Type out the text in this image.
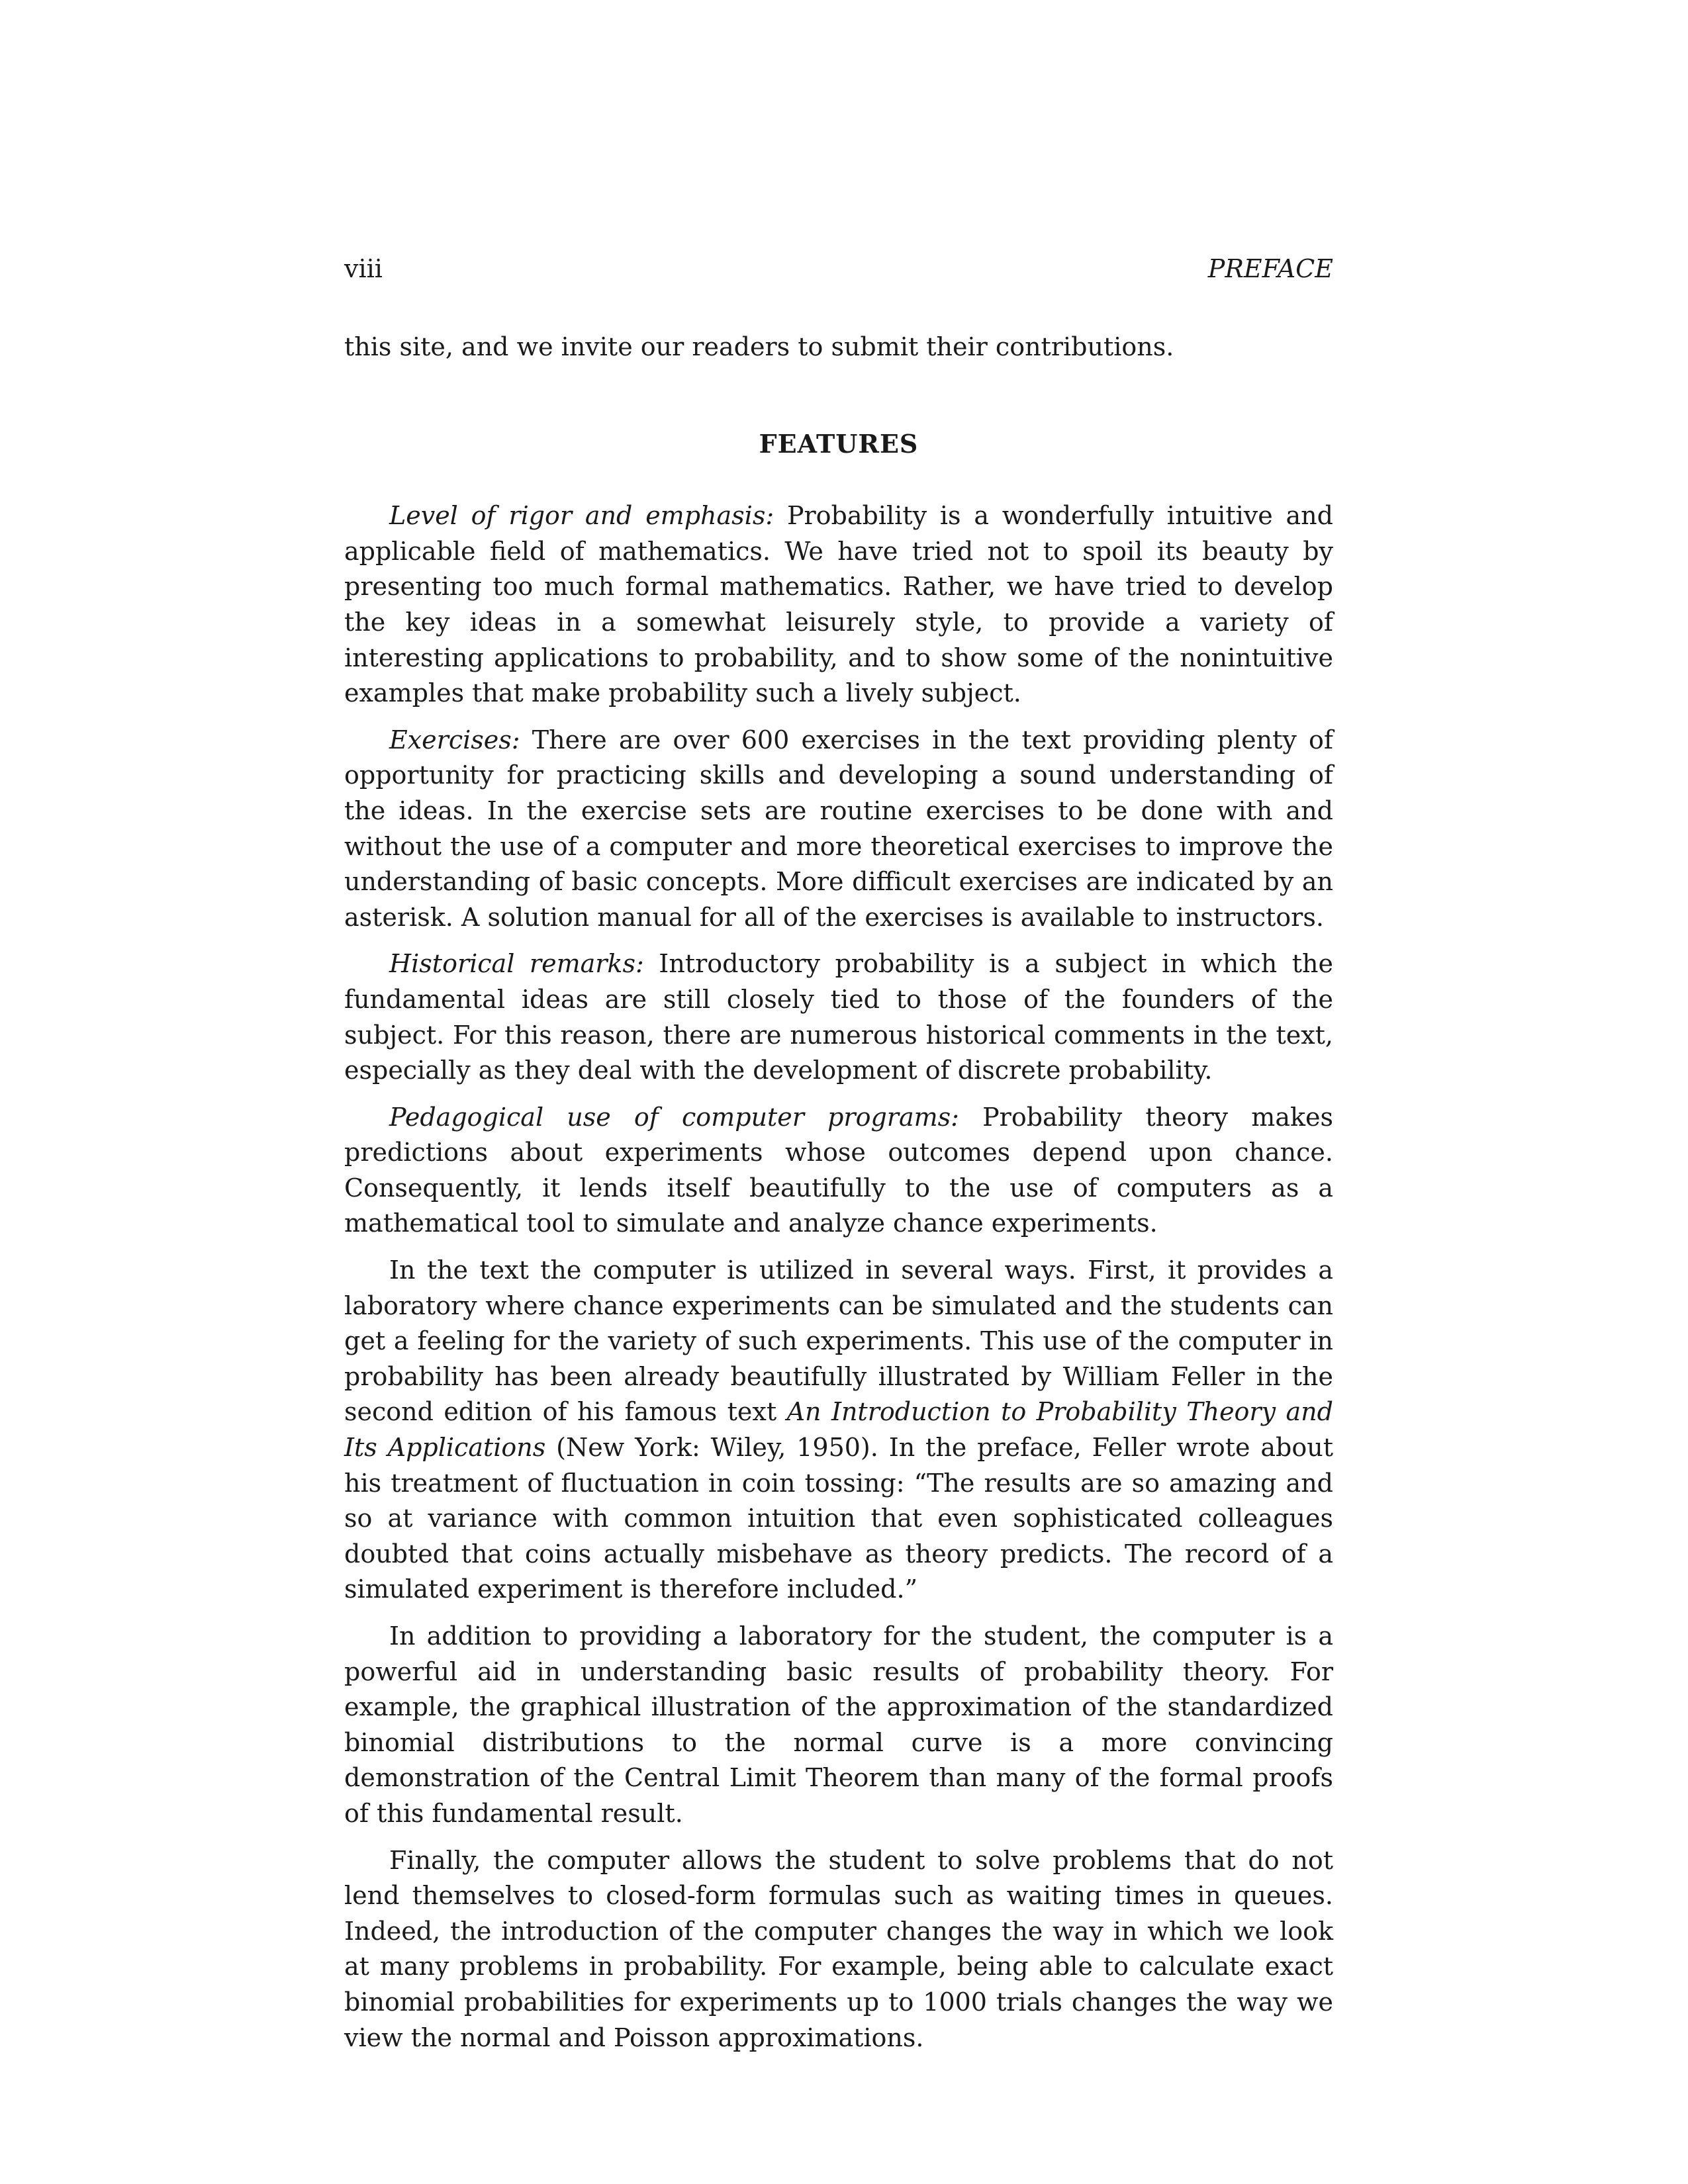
viii	PREFACE

this site, and we invite our readers to submit their contributions.

FEATURES

Level of rigor and emphasis: Probability is a wonderfully intuitive and applicable field of mathematics. We have tried not to spoil its beauty by presenting too much formal mathematics. Rather, we have tried to develop the key ideas in a somewhat leisurely style, to provide a variety of interesting applications to probability, and to show some of the nonintuitive examples that make probability such a lively subject.

Exercises: There are over 600 exercises in the text providing plenty of opportunity for practicing skills and developing a sound understanding of the ideas. In the exercise sets are routine exercises to be done with and without the use of a computer and more theoretical exercises to improve the understanding of basic concepts. More difficult exercises are indicated by an asterisk. A solution manual for all of the exercises is available to instructors.

Historical remarks: Introductory probability is a subject in which the fundamental ideas are still closely tied to those of the founders of the subject. For this reason, there are numerous historical comments in the text, especially as they deal with the development of discrete probability.

Pedagogical use of computer programs: Probability theory makes predictions about experiments whose outcomes depend upon chance. Consequently, it lends itself beautifully to the use of computers as a mathematical tool to simulate and analyze chance experiments.

In the text the computer is utilized in several ways. First, it provides a laboratory where chance experiments can be simulated and the students can get a feeling for the variety of such experiments. This use of the computer in probability has been already beautifully illustrated by William Feller in the second edition of his famous text An Introduction to Probability Theory and Its Applications (New York: Wiley, 1950). In the preface, Feller wrote about his treatment of fluctuation in coin tossing: “The results are so amazing and so at variance with common intuition that even sophisticated colleagues doubted that coins actually misbehave as theory predicts. The record of a simulated experiment is therefore included.”

In addition to providing a laboratory for the student, the computer is a powerful aid in understanding basic results of probability theory. For example, the graphical illustration of the approximation of the standardized binomial distributions to the normal curve is a more convincing demonstration of the Central Limit Theorem than many of the formal proofs of this fundamental result.

Finally, the computer allows the student to solve problems that do not lend themselves to closed-form formulas such as waiting times in queues. Indeed, the introduction of the computer changes the way in which we look at many problems in probability. For example, being able to calculate exact binomial probabilities for experiments up to 1000 trials changes the way we view the normal and Poisson approximations.
